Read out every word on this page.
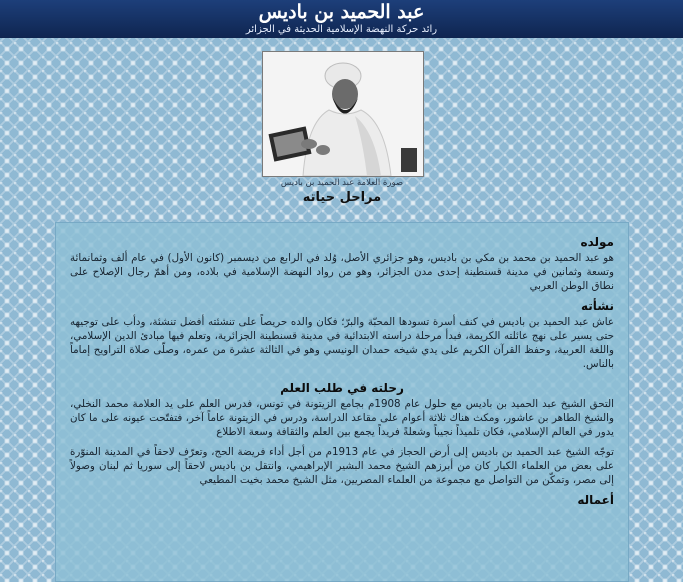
عبد الحميد بن باديس
رائد حركة النهضة الإسلامية الحديثة في الجزائر
صورة العلامة عبد الحميد بن باديس
مراحل حياته
مولده

هو عبد الحميد بن محمد بن مكي بن باديس، وهو جزائري الأصل، وُلد في الرابع من ديسمبر (كانون الأول) في عام ألف وثمانمائة وتسعة وثمانين في مدينة قسنطينة إحدى مدن الجزائر، وهو من رواد النهضة الإسلامية في بلاده، ومن أهمّ رجال الإصلاح على نطاق الوطن العربي

نشأته

عاش عبد الحميد بن باديس في كنف أسرة تسودها المحبّة والبرّ؛ فكان والده حريصاً على تنشئته أفضل تنشئة، ودأب على توجيهه حتى يسير على نهج عائلته الكريمة، فبدأ مرحلة دراسته الابتدائية في مدينة قسنطينة الجزائرية، وتعلم فيها مبادئ الدين الإسلامي، واللغة العربية، وحفظ القرآن الكريم على يدي شيخه حمدان الونيسي وهو في الثالثة عشرة من عمره، وصلّى صلاة التراويح إماماً بالناس.

رحلته في طلب العلم

التحق الشيخ عبد الحميد بن باديس مع حلول عام 1908م بجامع الزيتونة في تونس، فدرس العلم على يد العلامة محمد النخلي، والشيخ الطاهر بن عاشور، ومكث هناك ثلاثة أعوام على مقاعد الدراسة، ودرس في الزيتونة عاماً آخر، فتفتّحت عيونه على ما كان يدور في العالم الإسلامي، فكان تلميذاً نجيباً وشعلةً فريداً يجمع بين العلم والثقافة وسعة الاطلاع

توجّه الشيخ عبد الحميد بن باديس إلى أرض الحجاز في عام 1913م من أجل أداء فريضة الحج، وتعرّف لاحقاً في المدينة المنوّرة على بعض من العلماء الكبار كان من أبرزهم الشيخ محمد البشير الإبراهيمي، وانتقل بن باديس لاحقاً إلى سوريا ثم لبنان وصولاً إلى مصر، وتمكّن من التواصل مع مجموعة من العلماء المصريين، مثل الشيخ محمد بخيت المطيعي

أعماله
